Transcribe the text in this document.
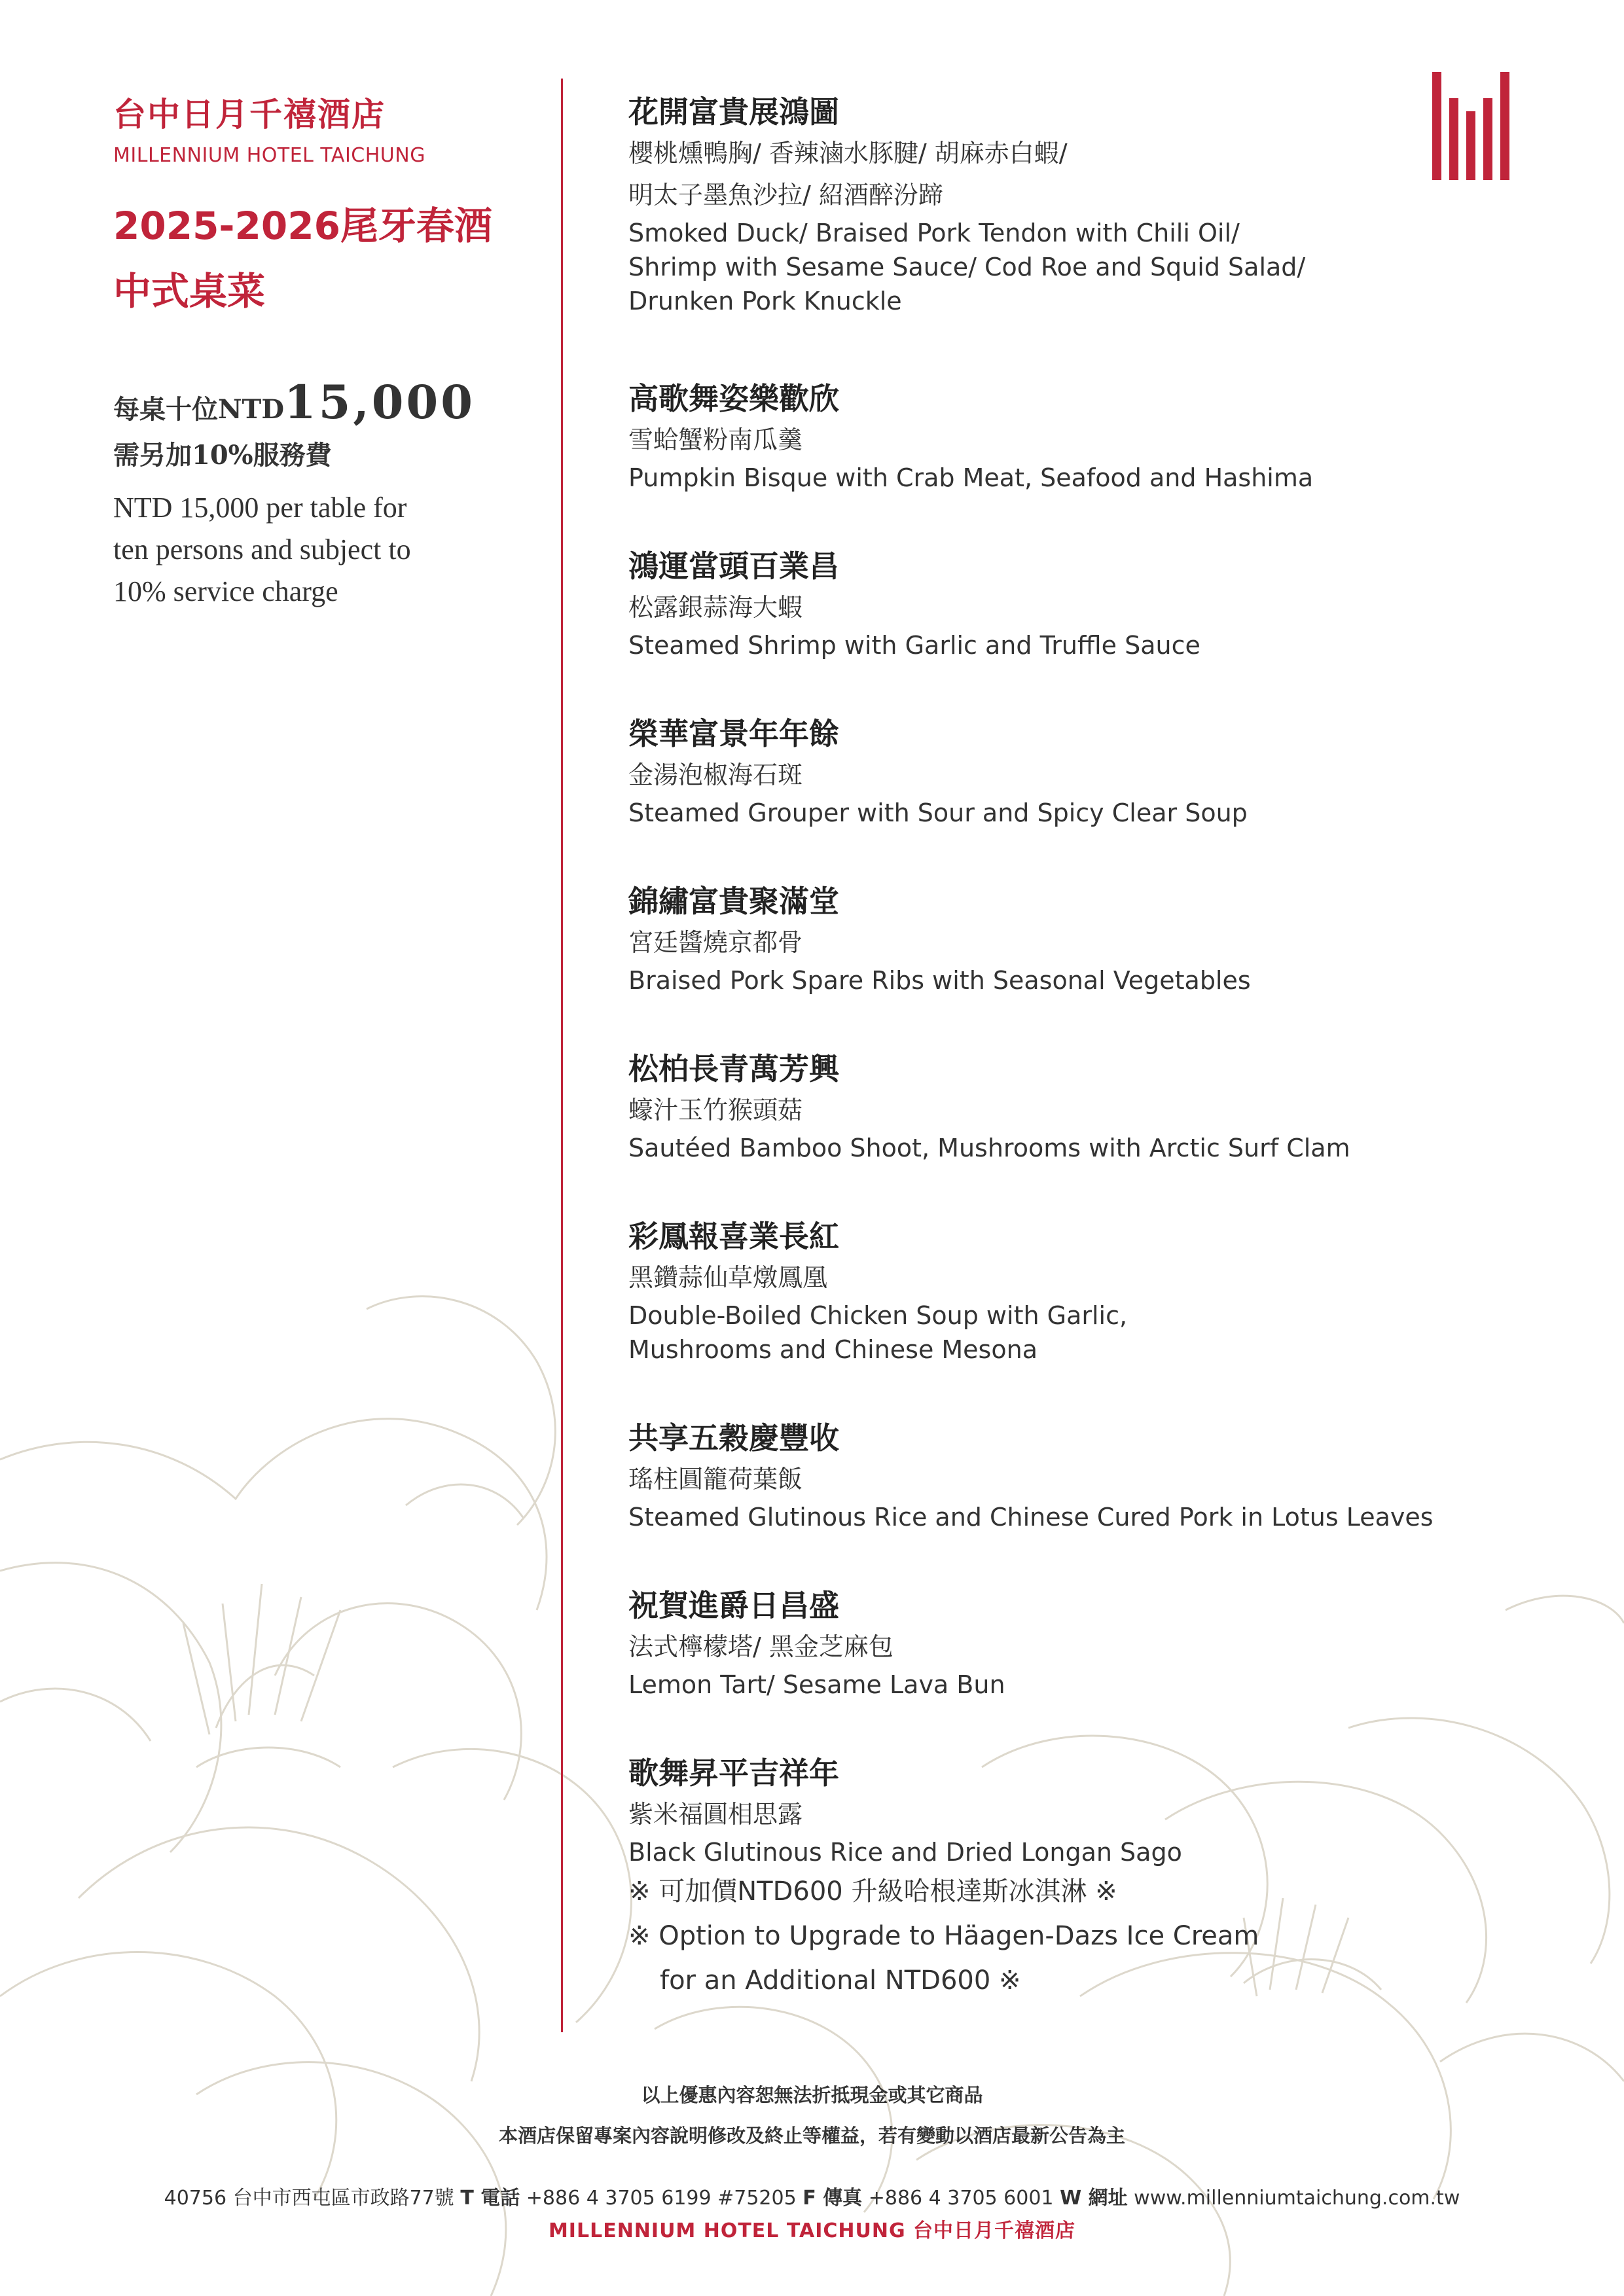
台中日月千禧酒店
MILLENNIUM HOTEL TAICHUNG
2025-2026尾牙春酒
中式桌菜
每桌十位NTD15,000
需另加10%服務費
NTD 15,000 per table for
ten persons and subject to
10% service charge
花開富貴展鴻圖
櫻桃燻鴨胸/ 香辣滷水豚腱/ 胡麻赤白蝦/
明太子墨魚沙拉/ 紹酒醉汾蹄
Smoked Duck/ Braised Pork Tendon with Chili Oil/
Shrimp with Sesame Sauce/ Cod Roe and Squid Salad/
Drunken Pork Knuckle
高歌舞姿樂歡欣
雪蛤蟹粉南瓜羹
Pumpkin Bisque with Crab Meat, Seafood and Hashima
鴻運當頭百業昌
松露銀蒜海大蝦
Steamed Shrimp with Garlic and Truffle Sauce
榮華富景年年餘
金湯泡椒海石斑
Steamed Grouper with Sour and Spicy Clear Soup
錦繡富貴聚滿堂
宮廷醬燒京都骨
Braised Pork Spare Ribs with Seasonal Vegetables
松柏長青萬芳興
蠔汁玉竹猴頭菇
Sautéed Bamboo Shoot, Mushrooms with Arctic Surf Clam
彩鳳報喜業長紅
黑鑽蒜仙草燉鳳凰
Double-Boiled Chicken Soup with Garlic,
Mushrooms and Chinese Mesona
共享五穀慶豐收
瑤柱圓籠荷葉飯
Steamed Glutinous Rice and Chinese Cured Pork in Lotus Leaves
祝賀進爵日昌盛
法式檸檬塔/ 黑金芝麻包
Lemon Tart/ Sesame Lava Bun
歌舞昇平吉祥年
紫米福圓相思露
Black Glutinous Rice and Dried Longan Sago
※ 可加價NTD600 升級哈根達斯冰淇淋 ※
※ Option to Upgrade to Häagen-Dazs Ice Cream
for an Additional NTD600 ※
以上優惠內容恕無法折抵現金或其它商品
本酒店保留專案內容說明修改及終止等權益，若有變動以酒店最新公告為主
40756 台中市西屯區市政路77號 T 電話 +886 4 3705 6199 #75205 F 傳真 +886 4 3705 6001 W 網址 www.millenniumtaichung.com.tw
MILLENNIUM HOTEL TAICHUNG 台中日月千禧酒店
